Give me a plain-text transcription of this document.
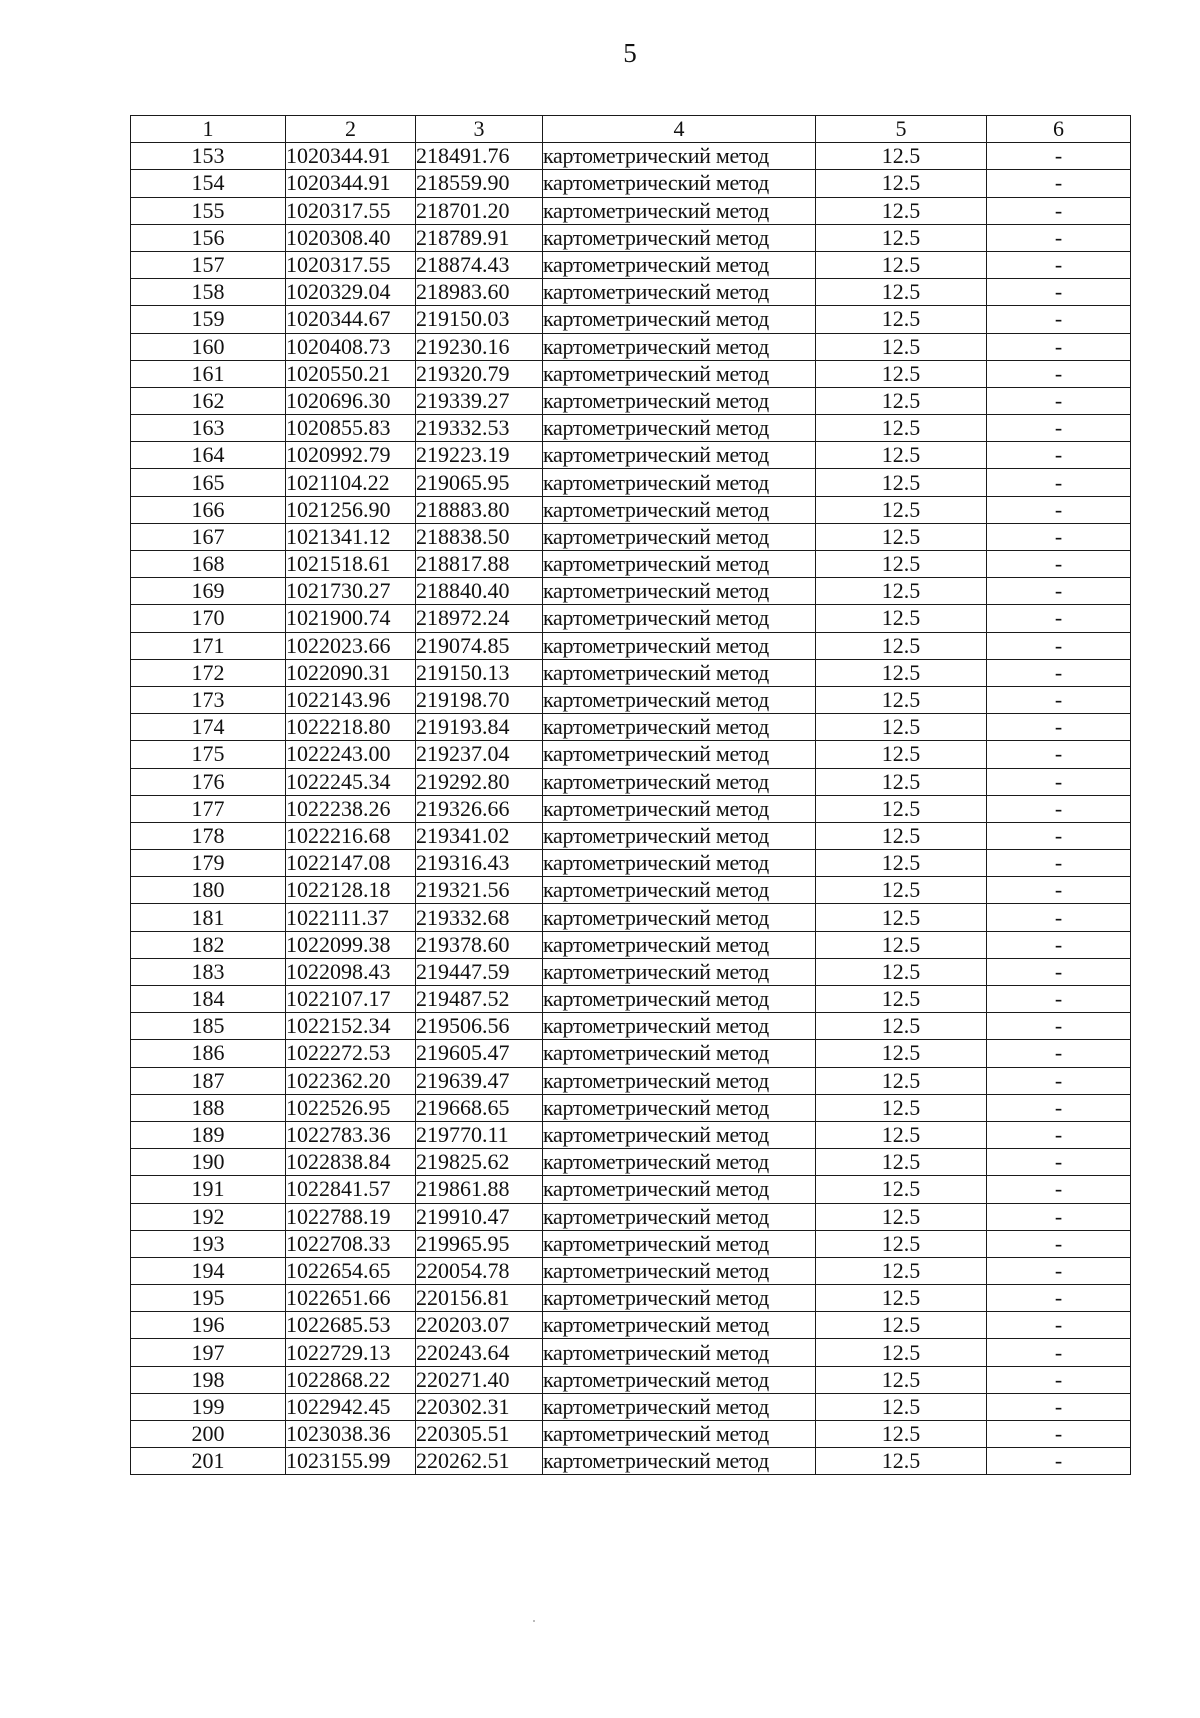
5
1	2	3	4	5	6
153	1020344.91	218491.76	картометрический метод	12.5	-
154	1020344.91	218559.90	картометрический метод	12.5	-
155	1020317.55	218701.20	картометрический метод	12.5	-
156	1020308.40	218789.91	картометрический метод	12.5	-
157	1020317.55	218874.43	картометрический метод	12.5	-
158	1020329.04	218983.60	картометрический метод	12.5	-
159	1020344.67	219150.03	картометрический метод	12.5	-
160	1020408.73	219230.16	картометрический метод	12.5	-
161	1020550.21	219320.79	картометрический метод	12.5	-
162	1020696.30	219339.27	картометрический метод	12.5	-
163	1020855.83	219332.53	картометрический метод	12.5	-
164	1020992.79	219223.19	картометрический метод	12.5	-
165	1021104.22	219065.95	картометрический метод	12.5	-
166	1021256.90	218883.80	картометрический метод	12.5	-
167	1021341.12	218838.50	картометрический метод	12.5	-
168	1021518.61	218817.88	картометрический метод	12.5	-
169	1021730.27	218840.40	картометрический метод	12.5	-
170	1021900.74	218972.24	картометрический метод	12.5	-
171	1022023.66	219074.85	картометрический метод	12.5	-
172	1022090.31	219150.13	картометрический метод	12.5	-
173	1022143.96	219198.70	картометрический метод	12.5	-
174	1022218.80	219193.84	картометрический метод	12.5	-
175	1022243.00	219237.04	картометрический метод	12.5	-
176	1022245.34	219292.80	картометрический метод	12.5	-
177	1022238.26	219326.66	картометрический метод	12.5	-
178	1022216.68	219341.02	картометрический метод	12.5	-
179	1022147.08	219316.43	картометрический метод	12.5	-
180	1022128.18	219321.56	картометрический метод	12.5	-
181	1022111.37	219332.68	картометрический метод	12.5	-
182	1022099.38	219378.60	картометрический метод	12.5	-
183	1022098.43	219447.59	картометрический метод	12.5	-
184	1022107.17	219487.52	картометрический метод	12.5	-
185	1022152.34	219506.56	картометрический метод	12.5	-
186	1022272.53	219605.47	картометрический метод	12.5	-
187	1022362.20	219639.47	картометрический метод	12.5	-
188	1022526.95	219668.65	картометрический метод	12.5	-
189	1022783.36	219770.11	картометрический метод	12.5	-
190	1022838.84	219825.62	картометрический метод	12.5	-
191	1022841.57	219861.88	картометрический метод	12.5	-
192	1022788.19	219910.47	картометрический метод	12.5	-
193	1022708.33	219965.95	картометрический метод	12.5	-
194	1022654.65	220054.78	картометрический метод	12.5	-
195	1022651.66	220156.81	картометрический метод	12.5	-
196	1022685.53	220203.07	картометрический метод	12.5	-
197	1022729.13	220243.64	картометрический метод	12.5	-
198	1022868.22	220271.40	картометрический метод	12.5	-
199	1022942.45	220302.31	картометрический метод	12.5	-
200	1023038.36	220305.51	картометрический метод	12.5	-
201	1023155.99	220262.51	картометрический метод	12.5	-
